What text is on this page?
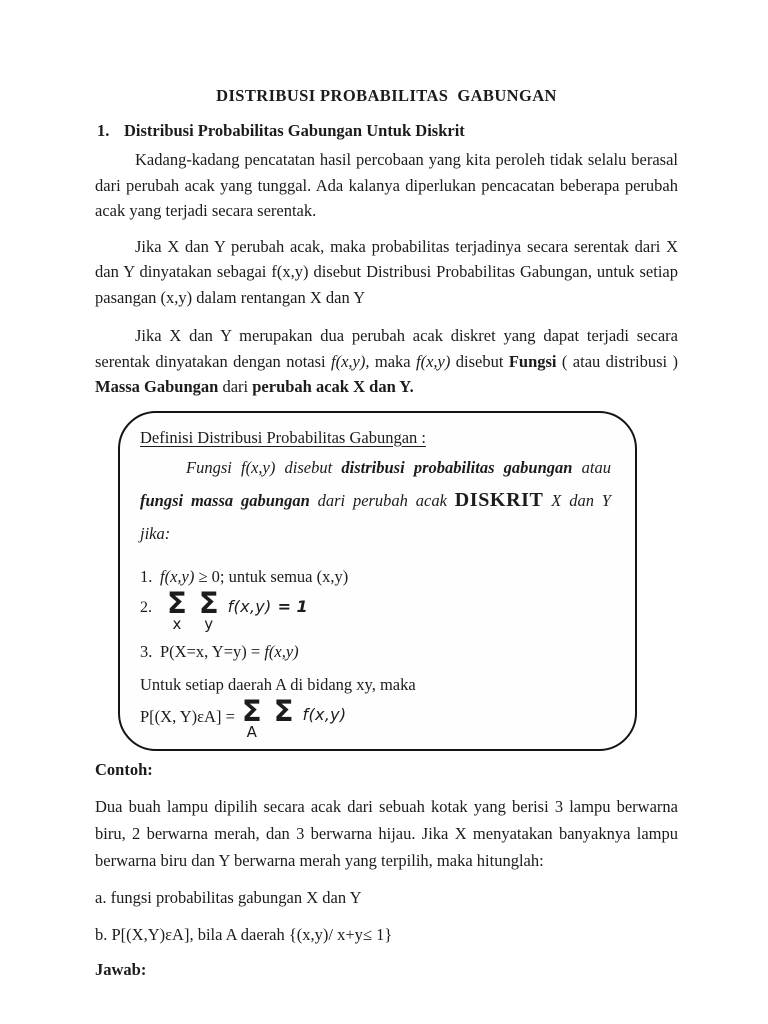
DISTRIBUSI PROBABILITAS  GABUNGAN
1. Distribusi Probabilitas Gabungan Untuk Diskrit

Kadang-kadang pencatatan hasil percobaan yang kita peroleh tidak selalu berasal dari perubah acak yang tunggal. Ada kalanya diperlukan pencacatan beberapa perubah acak yang terjadi secara serentak.

Jika X dan Y perubah acak, maka probabilitas terjadinya secara serentak dari X dan Y dinyatakan sebagai f(x,y) disebut Distribusi Probabilitas Gabungan, untuk setiap pasangan (x,y) dalam rentangan X dan Y

Jika X dan Y merupakan dua perubah acak diskret yang dapat terjadi secara serentak dinyatakan dengan notasi f(x,y), maka f(x,y) disebut Fungsi ( atau distribusi ) Massa Gabungan dari perubah acak X dan Y.

Definisi Distribusi Probabilitas Gabungan :

Fungsi f(x,y) disebut distribusi probabilitas gabungan atau fungsi massa gabungan dari perubah acak DISKRIT X dan Y jika:

1. f(x,y) ≥ 0; untuk semua (x,y)
2. Σ
x
Σ
y
f(x,y) = 1
3. P(X=x, Y=y) = f(x,y)
Untuk setiap daerah A di bidang xy, maka
P[(X, Y)εA] = Σ
A
Σ f(x,y)
Contoh:

Dua buah lampu dipilih secara acak dari sebuah kotak yang berisi 3 lampu berwarna biru, 2 berwarna merah, dan 3 berwarna hijau. Jika X menyatakan banyaknya lampu berwarna biru dan Y berwarna merah yang terpilih, maka hitunglah:

a. fungsi probabilitas gabungan X dan Y
b. P[(X,Y)εA], bila A daerah {(x,y)/ x+y≤ 1}
Jawab:
